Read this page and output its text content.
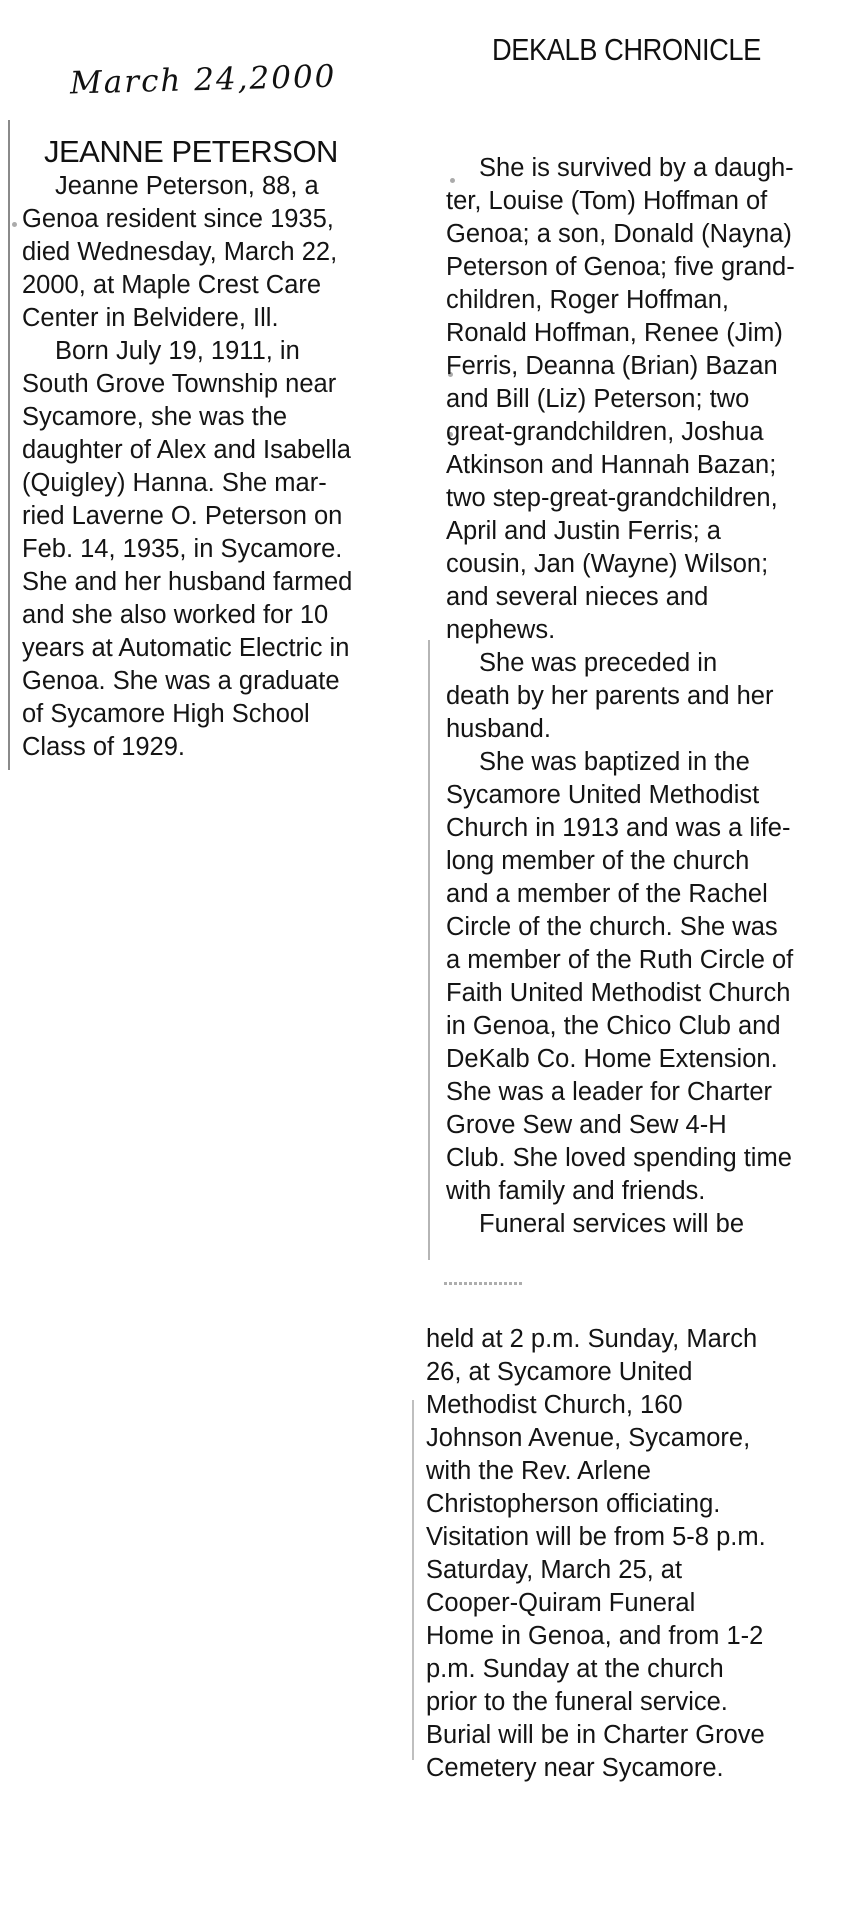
March 24,2000
DEKALB CHRONICLE
JEANNE PETERSON
Jeanne Peterson, 88, a
Genoa resident since 1935,
died Wednesday, March 22,
2000, at Maple Crest Care
Center in Belvidere, Ill.
Born July 19, 1911, in
South Grove Township near
Sycamore, she was the
daughter of Alex and Isabella
(Quigley) Hanna. She mar-
ried Laverne O. Peterson on
Feb. 14, 1935, in Sycamore.
She and her husband farmed
and she also worked for 10
years at Automatic Electric in
Genoa. She was a graduate
of Sycamore High School
Class of 1929.
She is survived by a daugh-
ter, Louise (Tom) Hoffman of
Genoa; a son, Donald (Nayna)
Peterson of Genoa; five grand-
children, Roger Hoffman,
Ronald Hoffman, Renee (Jim)
Ferris, Deanna (Brian) Bazan
and Bill (Liz) Peterson; two
great-grandchildren, Joshua
Atkinson and Hannah Bazan;
two step-great-grandchildren,
April and Justin Ferris; a
cousin, Jan (Wayne) Wilson;
and several nieces and
nephews.
She was preceded in
death by her parents and her
husband.
She was baptized in the
Sycamore United Methodist
Church in 1913 and was a life-
long member of the church
and a member of the Rachel
Circle of the church. She was
a member of the Ruth Circle of
Faith United Methodist Church
in Genoa, the Chico Club and
DeKalb Co. Home Extension.
She was a leader for Charter
Grove Sew and Sew 4-H
Club. She loved spending time
with family and friends.
Funeral services will be
held at 2 p.m. Sunday, March
26, at Sycamore United
Methodist Church, 160
Johnson Avenue, Sycamore,
with the Rev. Arlene
Christopherson officiating.
Visitation will be from 5-8 p.m.
Saturday, March 25, at
Cooper-Quiram Funeral
Home in Genoa, and from 1-2
p.m. Sunday at the church
prior to the funeral service.
Burial will be in Charter Grove
Cemetery near Sycamore.
